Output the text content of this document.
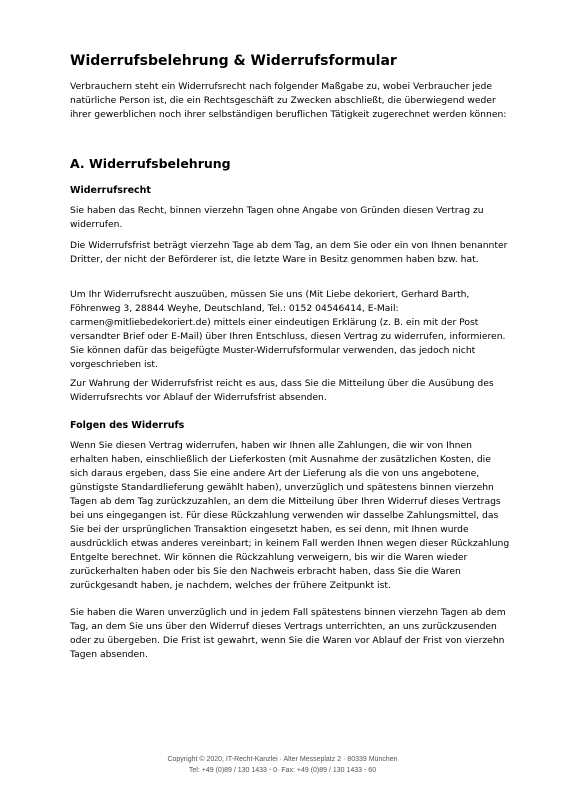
Widerrufsbelehrung & Widerrufsformular

Verbrauchern steht ein Widerrufsrecht nach folgender Maßgabe zu, wobei Verbraucher jede natürliche Person ist, die ein Rechtsgeschäft zu Zwecken abschließt, die überwiegend weder ihrer gewerblichen noch ihrer selbständigen beruflichen Tätigkeit zugerechnet werden können:

A. Widerrufsbelehrung
Widerrufsrecht

Sie haben das Recht, binnen vierzehn Tagen ohne Angabe von Gründen diesen Vertrag zu widerrufen.

Die Widerrufsfrist beträgt vierzehn Tage ab dem Tag, an dem Sie oder ein von Ihnen benannter Dritter, der nicht der Beförderer ist, die letzte Ware in Besitz genommen haben bzw. hat.

Um Ihr Widerrufsrecht auszuüben, müssen Sie uns (Mit Liebe dekoriert, Gerhard Barth, Föhrenweg 3, 28844 Weyhe, Deutschland, Tel.: 0152 04546414, E-Mail: carmen@mitliebedekoriert.de) mittels einer eindeutigen Erklärung (z. B. ein mit der Post versandter Brief oder E-Mail) über Ihren Entschluss, diesen Vertrag zu widerrufen, informieren. Sie können dafür das beigefügte Muster-Widerrufsformular verwenden, das jedoch nicht vorgeschrieben ist.

Zur Wahrung der Widerrufsfrist reicht es aus, dass Sie die Mitteilung über die Ausübung des Widerrufsrechts vor Ablauf der Widerrufsfrist absenden.

Folgen des Widerrufs

Wenn Sie diesen Vertrag widerrufen, haben wir Ihnen alle Zahlungen, die wir von Ihnen erhalten haben, einschließlich der Lieferkosten (mit Ausnahme der zusätzlichen Kosten, die sich daraus ergeben, dass Sie eine andere Art der Lieferung als die von uns angebotene, günstigste Standardlieferung gewählt haben), unverzüglich und spätestens binnen vierzehn Tagen ab dem Tag zurückzuzahlen, an dem die Mitteilung über Ihren Widerruf dieses Vertrags bei uns eingegangen ist. Für diese Rückzahlung verwenden wir dasselbe Zahlungsmittel, das Sie bei der ursprünglichen Transaktion eingesetzt haben, es sei denn, mit Ihnen wurde ausdrücklich etwas anderes vereinbart; in keinem Fall werden Ihnen wegen dieser Rückzahlung Entgelte berechnet. Wir können die Rückzahlung verweigern, bis wir die Waren wieder zurückerhalten haben oder bis Sie den Nachweis erbracht haben, dass Sie die Waren zurückgesandt haben, je nachdem, welches der frühere Zeitpunkt ist.

Sie haben die Waren unverzüglich und in jedem Fall spätestens binnen vierzehn Tagen ab dem Tag, an dem Sie uns über den Widerruf dieses Vertrags unterrichten, an uns zurückzusenden oder zu übergeben. Die Frist ist gewahrt, wenn Sie die Waren vor Ablauf der Frist von vierzehn Tagen absenden.

Copyright © 2020, IT-Recht-Kanzlei · Alter Messeplatz 2 · 80339 München
Tel: +49 (0)89 / 130 1433 - 0· Fax: +49 (0)89 / 130 1433 - 60
